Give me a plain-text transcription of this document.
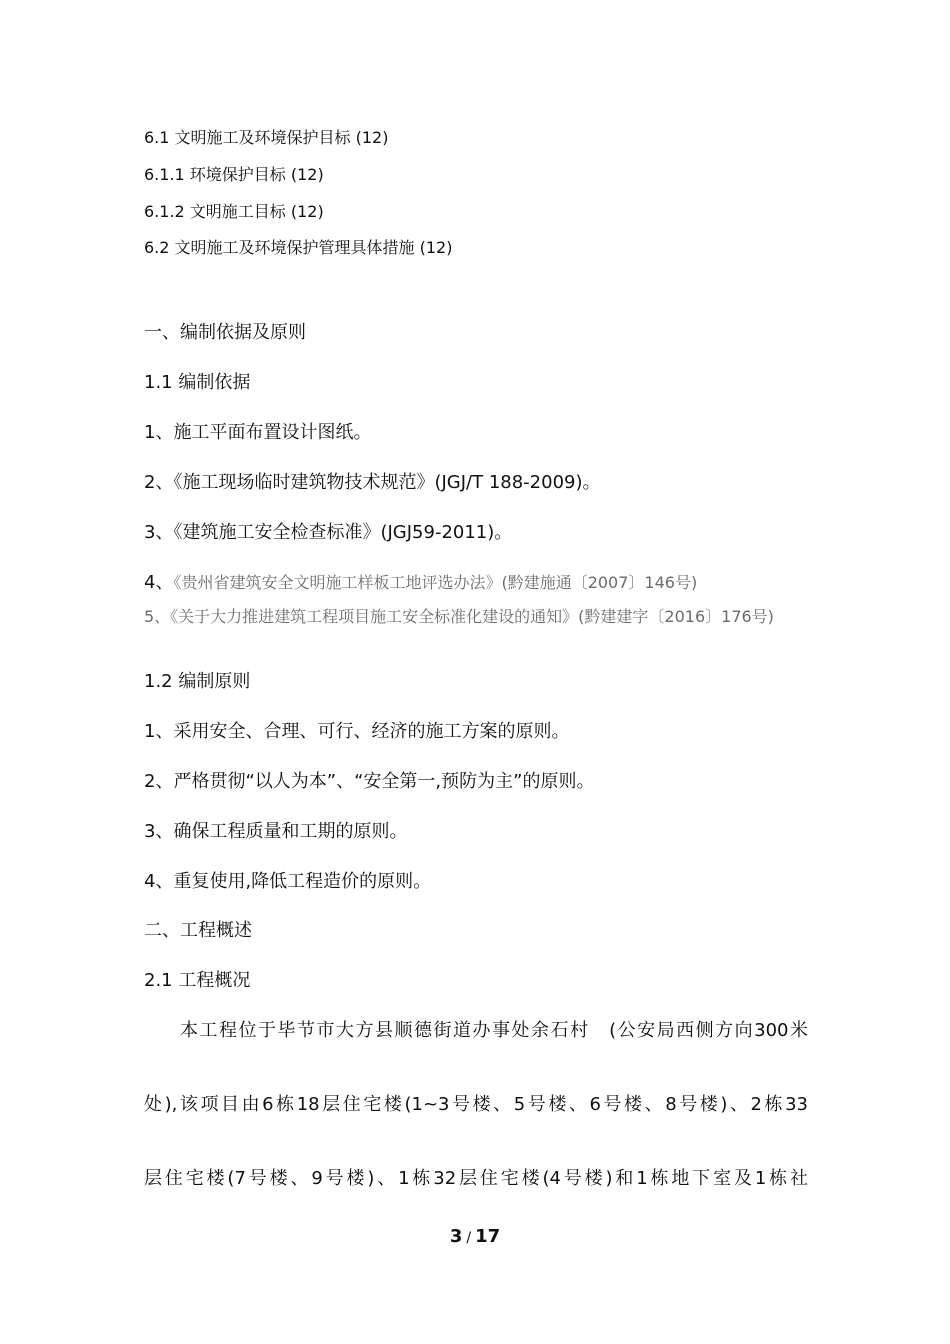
6.1 文明施工及环境保护目标 (12)

6.1.1 环境保护目标 (12)

6.1.2 文明施工目标 (12)

6.2 文明施工及环境保护管理具体措施 (12)

一、编制依据及原则

1.1 编制依据

1、施工平面布置设计图纸。

2、《施工现场临时建筑物技术规范》(JGJ/T 188-2009)。

3、《建筑施工安全检查标准》(JGJ59-2011)。

4、《贵州省建筑安全文明施工样板工地评选办法》(黔建施通〔2007〕146号)

5、《关于大力推进建筑工程项目施工安全标准化建设的通知》(黔建建字〔2016〕176号)

1.2 编制原则

1、采用安全、合理、可行、经济的施工方案的原则。

2、严格贯彻“以人为本”、“安全第一,预防为主”的原则。

3、确保工程质量和工期的原则。

4、重复使用,降低工程造价的原则。

二、工程概述

2.1 工程概况

本工程位于毕节市大方县顺德街道办事处余石村　(公安局西侧方向300米

处),该项目由6栋18层住宅楼(1~3号楼、5号楼、6号楼、8号楼)、2栋33

层住宅楼(7号楼、9号楼)、1栋32层住宅楼(4号楼)和1栋地下室及1栋社

3 / 17
